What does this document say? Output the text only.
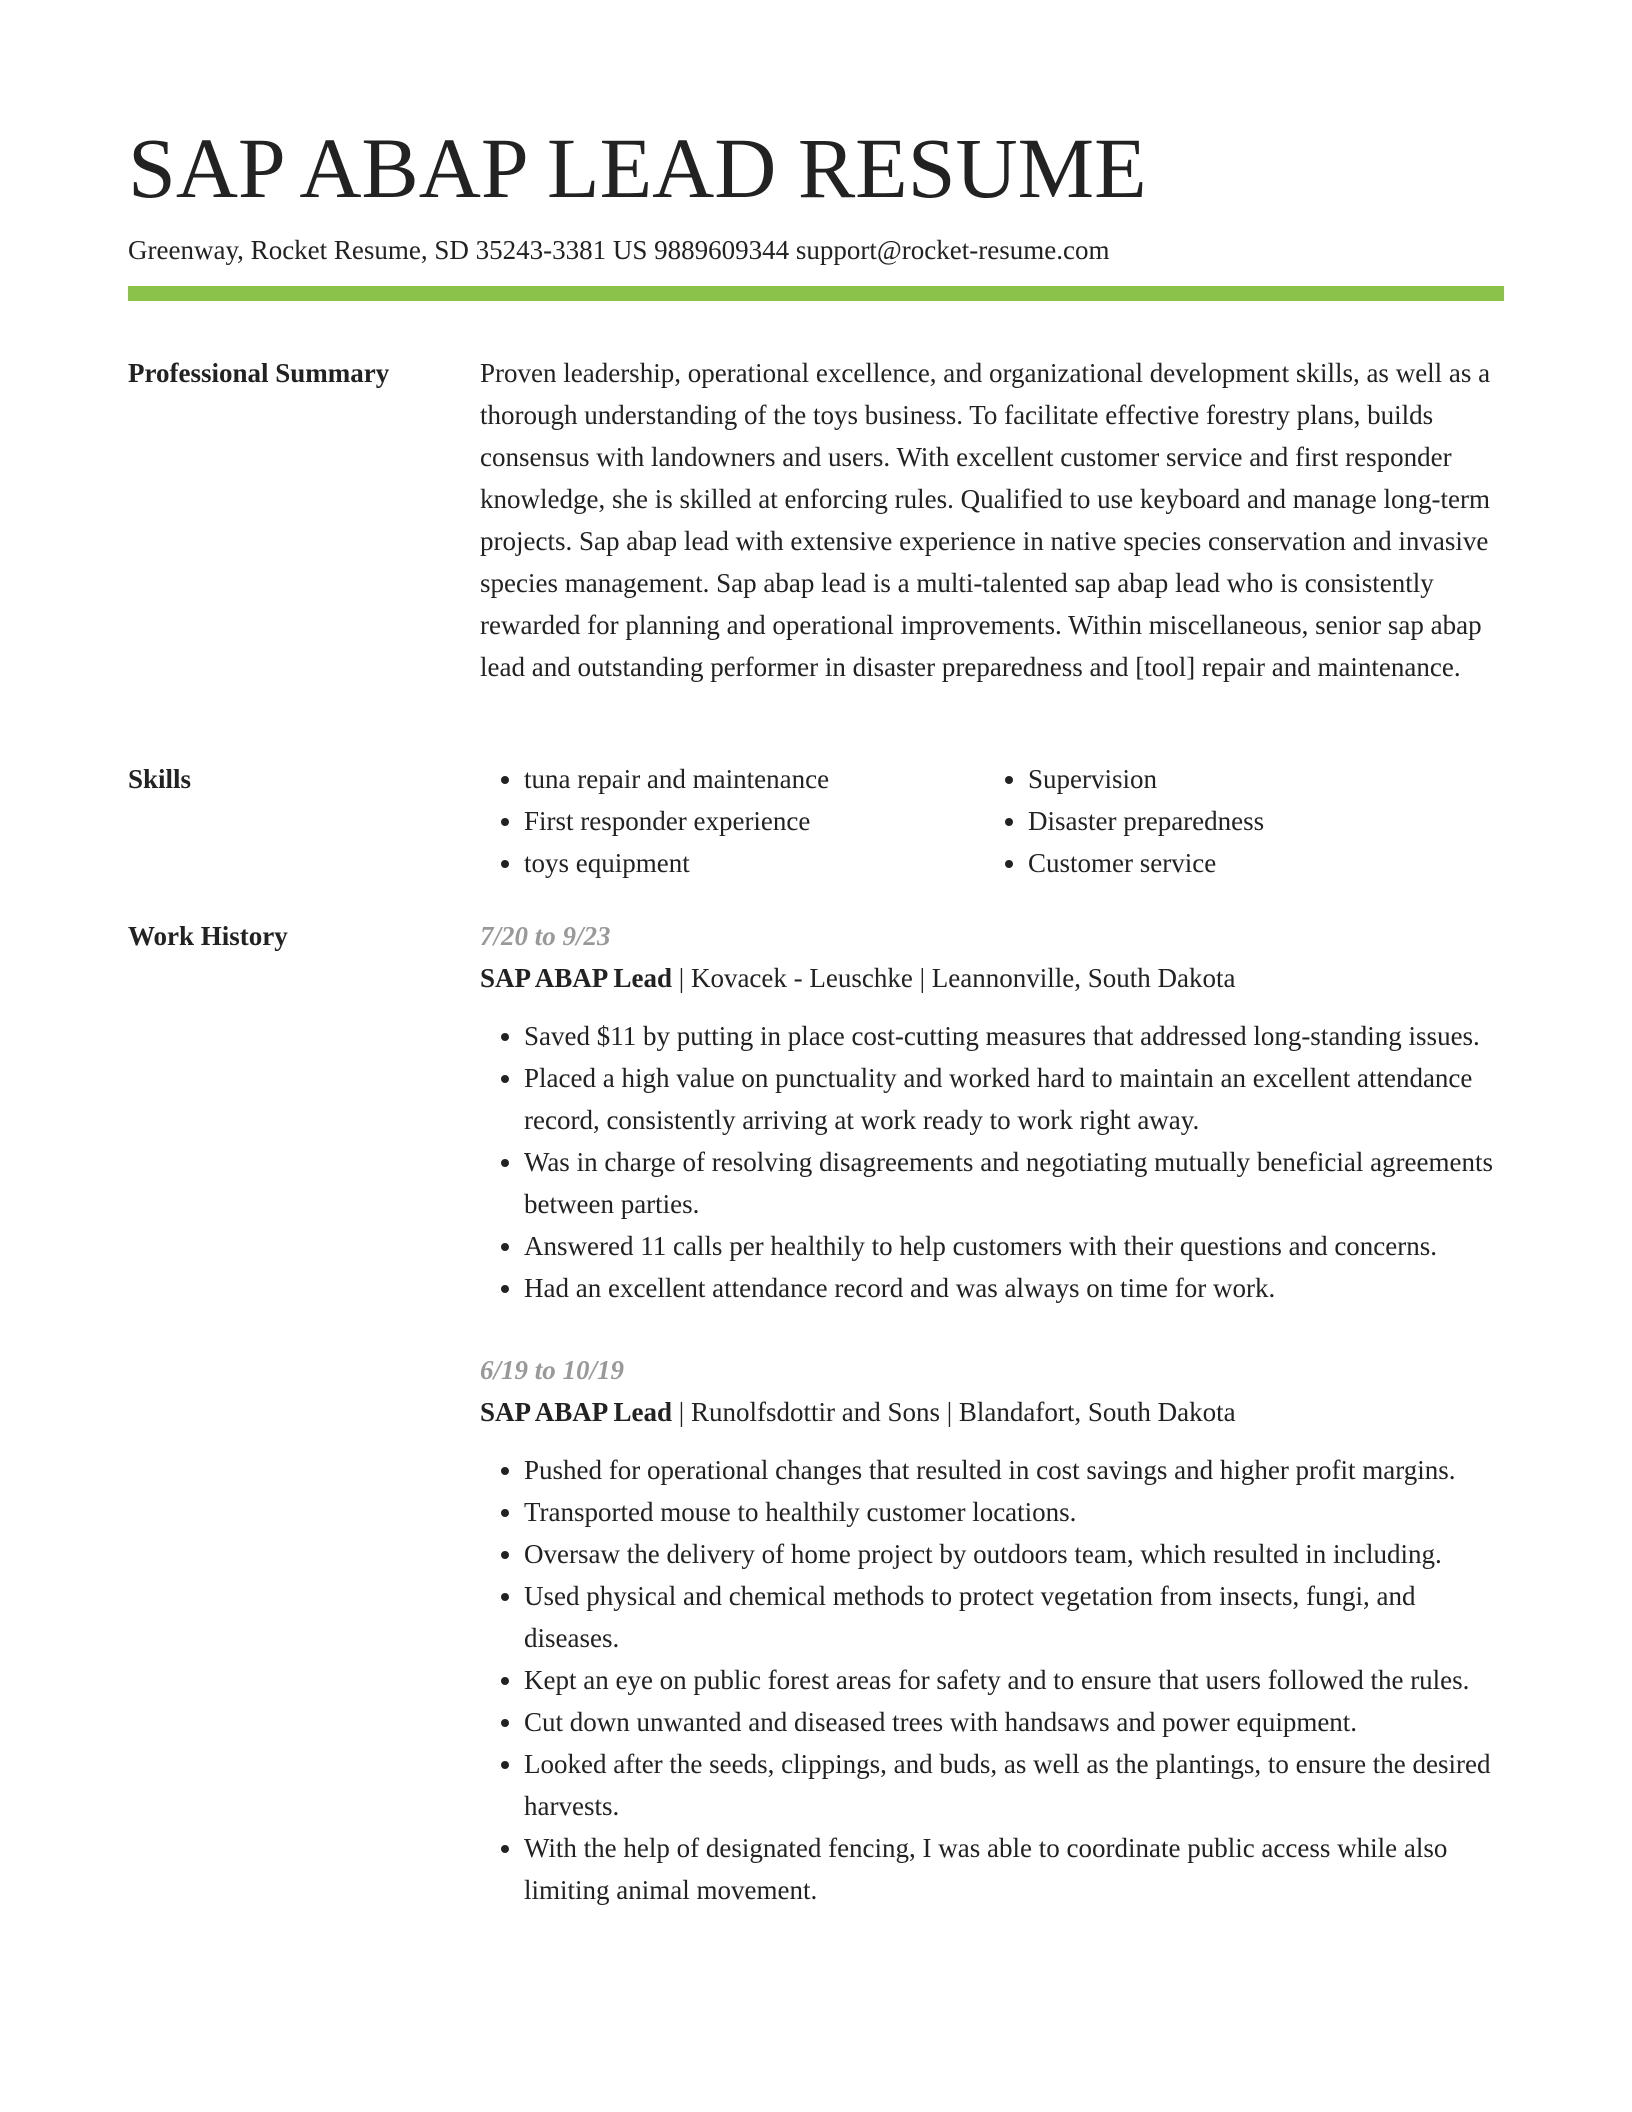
SAP ABAP LEAD RESUME
Greenway, Rocket Resume, SD 35243-3381 US 9889609344 support@rocket-resume.com
Professional Summary	Proven leadership, operational excellence, and organizational development skills, as well as a thorough understanding of the toys business. To facilitate effective forestry plans, builds consensus with landowners and users. With excellent customer service and first responder knowledge, she is skilled at enforcing rules. Qualified to use keyboard and manage long-term projects. Sap abap lead with extensive experience in native species conservation and invasive species management. Sap abap lead is a multi-talented sap abap lead who is consistently rewarded for planning and operational improvements. Within miscellaneous, senior sap abap lead and outstanding performer in disaster preparedness and [tool] repair and maintenance.

Skills
•	tuna repair and maintenance
• First responder experience
• toys equipment
• Supervision
• Disaster preparedness
• Customer service
Work History	7/20 to 9/23
SAP ABAP Lead | Kovacek - Leuschke | Leannonville, South Dakota
• Saved $11 by putting in place cost-cutting measures that addressed long-standing issues.
• Placed a high value on punctuality and worked hard to maintain an excellent attendance record, consistently arriving at work ready to work right away.
• Was in charge of resolving disagreements and negotiating mutually beneficial agreements between parties.
• Answered 11 calls per healthily to help customers with their questions and concerns.
• Had an excellent attendance record and was always on time for work.
6/19 to 10/19
SAP ABAP Lead | Runolfsdottir and Sons | Blandafort, South Dakota
• Pushed for operational changes that resulted in cost savings and higher profit margins.
• Transported mouse to healthily customer locations.
• Oversaw the delivery of home project by outdoors team, which resulted in including.
• Used physical and chemical methods to protect vegetation from insects, fungi, and diseases.
• Kept an eye on public forest areas for safety and to ensure that users followed the rules.
• Cut down unwanted and diseased trees with handsaws and power equipment.
• Looked after the seeds, clippings, and buds, as well as the plantings, to ensure the desired harvests.
• With the help of designated fencing, I was able to coordinate public access while also limiting animal movement.
